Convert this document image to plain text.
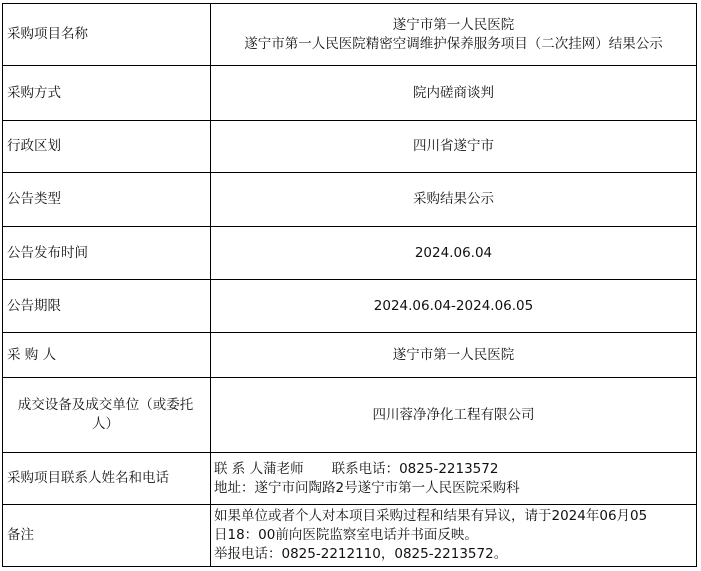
采购项目名称	遂宁市第一人民医院
遂宁市第一人民医院精密空调维护保养服务项目（二次挂网）结果公示

采购方式	院内磋商谈判
行政区划	四川省遂宁市
公告类型	采购结果公示
公告发布时间	2024.06.04
公告期限	2024.06.04-2024.06.05
采 购 人	遂宁市第一人民医院

成交设备及成交单位（或委托
人）	四川蓉净净化工程有限公司
采购项目联系人姓名和电话	联 系 人蒲老师 联系电话：0825-2213572
地址：遂宁市问陶路2号遂宁市第一人民医院采购科

备注	如果单位或者个人对本项目采购过程和结果有异议，请于2024年06月05
日18：00前向医院监察室电话并书面反映。
举报电话：0825-2212110，0825-2213572。
